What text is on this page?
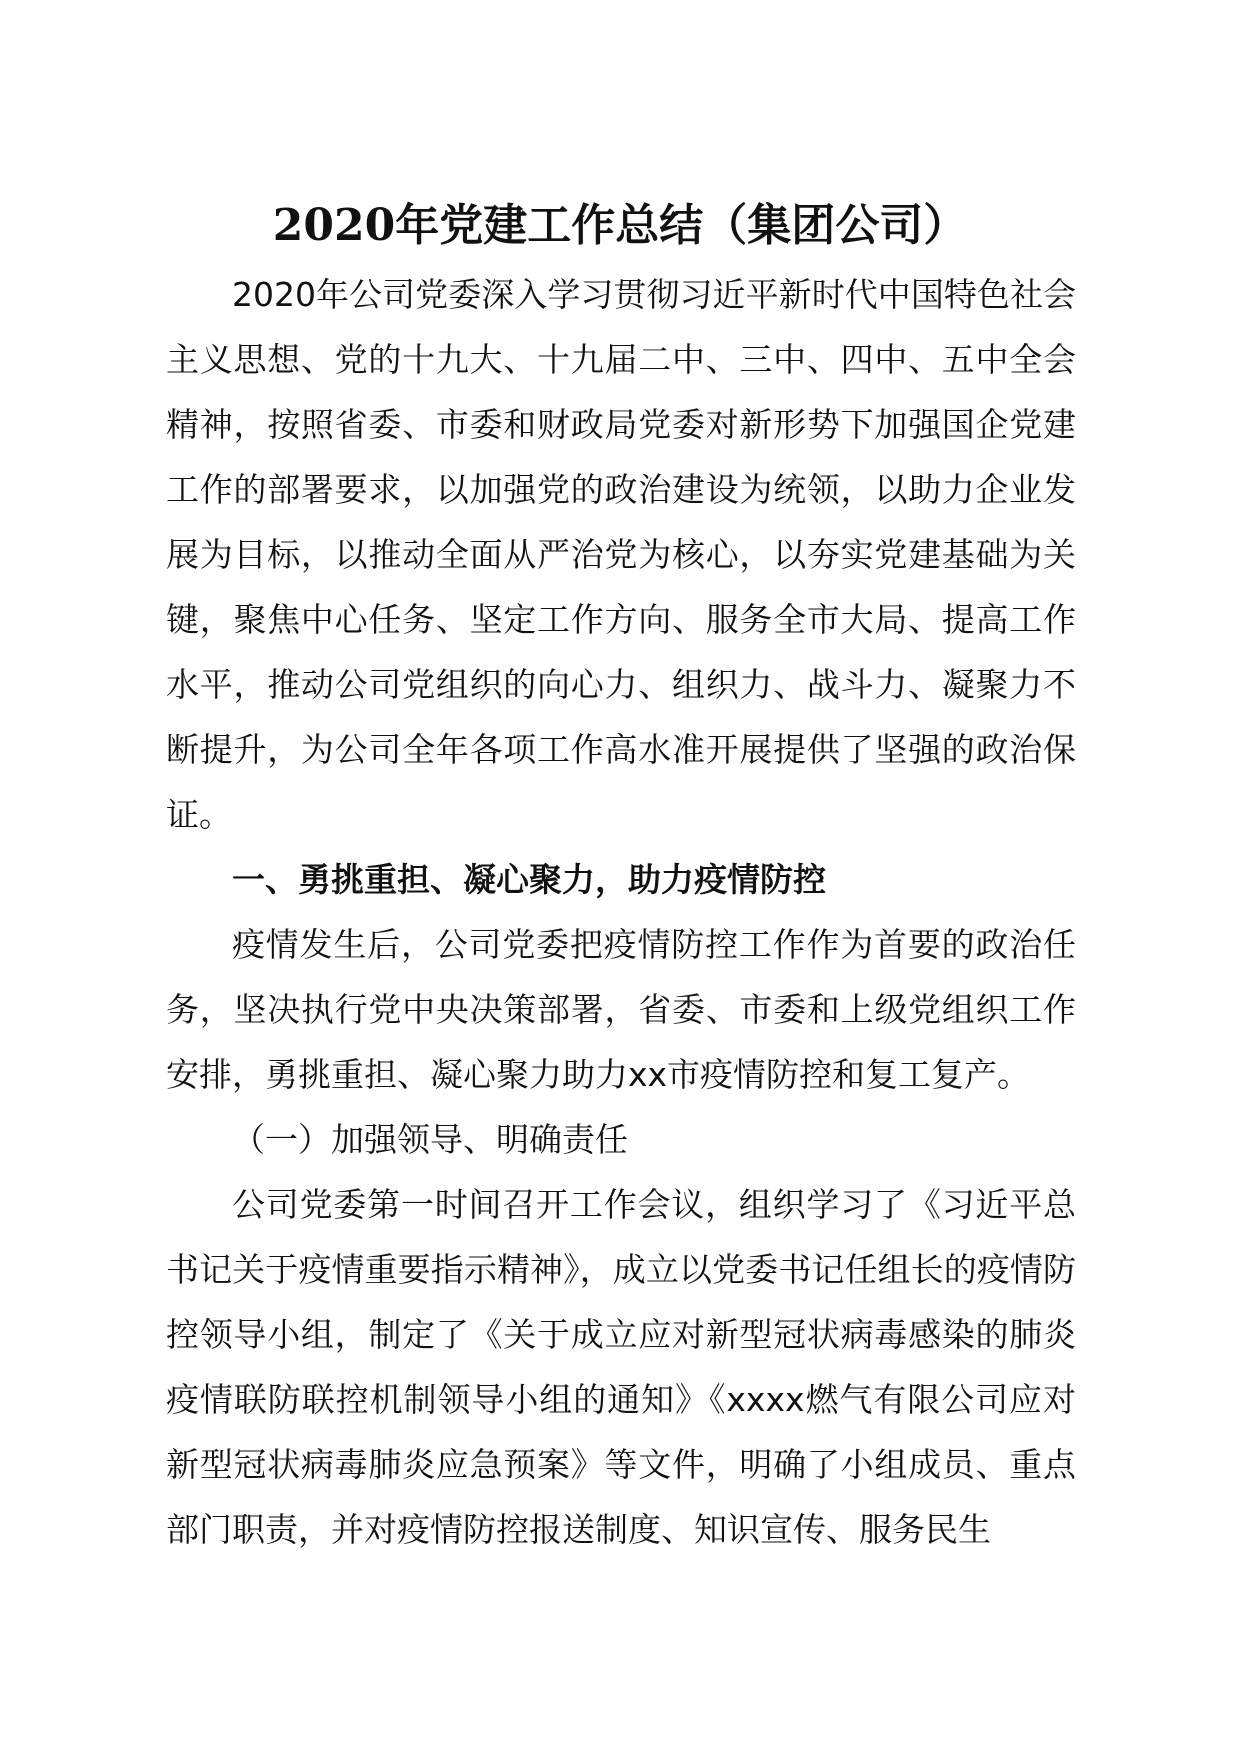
2020年党建工作总结（集团公司）

2020年公司党委深入学习贯彻习近平新时代中国特色社会主义思想、党的十九大、十九届二中、三中、四中、五中全会精神，按照省委、市委和财政局党委对新形势下加强国企党建工作的部署要求，以加强党的政治建设为统领，以助力企业发展为目标，以推动全面从严治党为核心，以夯实党建基础为关键，聚焦中心任务、坚定工作方向、服务全市大局、提高工作水平，推动公司党组织的向心力、组织力、战斗力、凝聚力不断提升，为公司全年各项工作高水准开展提供了坚强的政治保证。

一、勇挑重担、凝心聚力，助力疫情防控

疫情发生后，公司党委把疫情防控工作作为首要的政治任务，坚决执行党中央决策部署，省委、市委和上级党组织工作安排，勇挑重担、凝心聚力助力xx市疫情防控和复工复产。

（一）加强领导、明确责任

公司党委第一时间召开工作会议，组织学习了《习近平总书记关于疫情重要指示精神》，成立以党委书记任组长的疫情防控领导小组，制定了《关于成立应对新型冠状病毒感染的肺炎疫情联防联控机制领导小组的通知》《xxxx燃气有限公司应对新型冠状病毒肺炎应急预案》等文件，明确了小组成员、重点部门职责，并对疫情防控报送制度、知识宣传、服务民生
